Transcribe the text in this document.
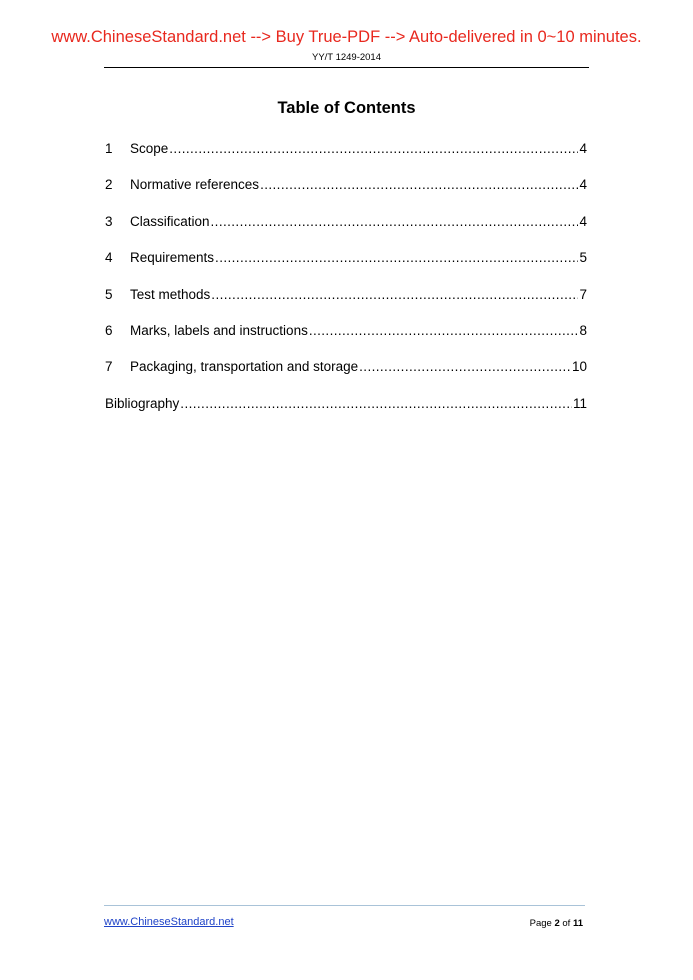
www.ChineseStandard.net --> Buy True-PDF --> Auto-delivered in 0~10 minutes.
YY/T 1249-2014
Table of Contents
1	Scope .....	4
2	Normative references .....	4
3	Classification .....	4
4	Requirements .....	5
5	Test methods .....	7
6	Marks, labels and instructions .....	8
7	Packaging, transportation and storage .....	10
Bibliography .....	11
www.ChineseStandard.net	Page 2 of 11
